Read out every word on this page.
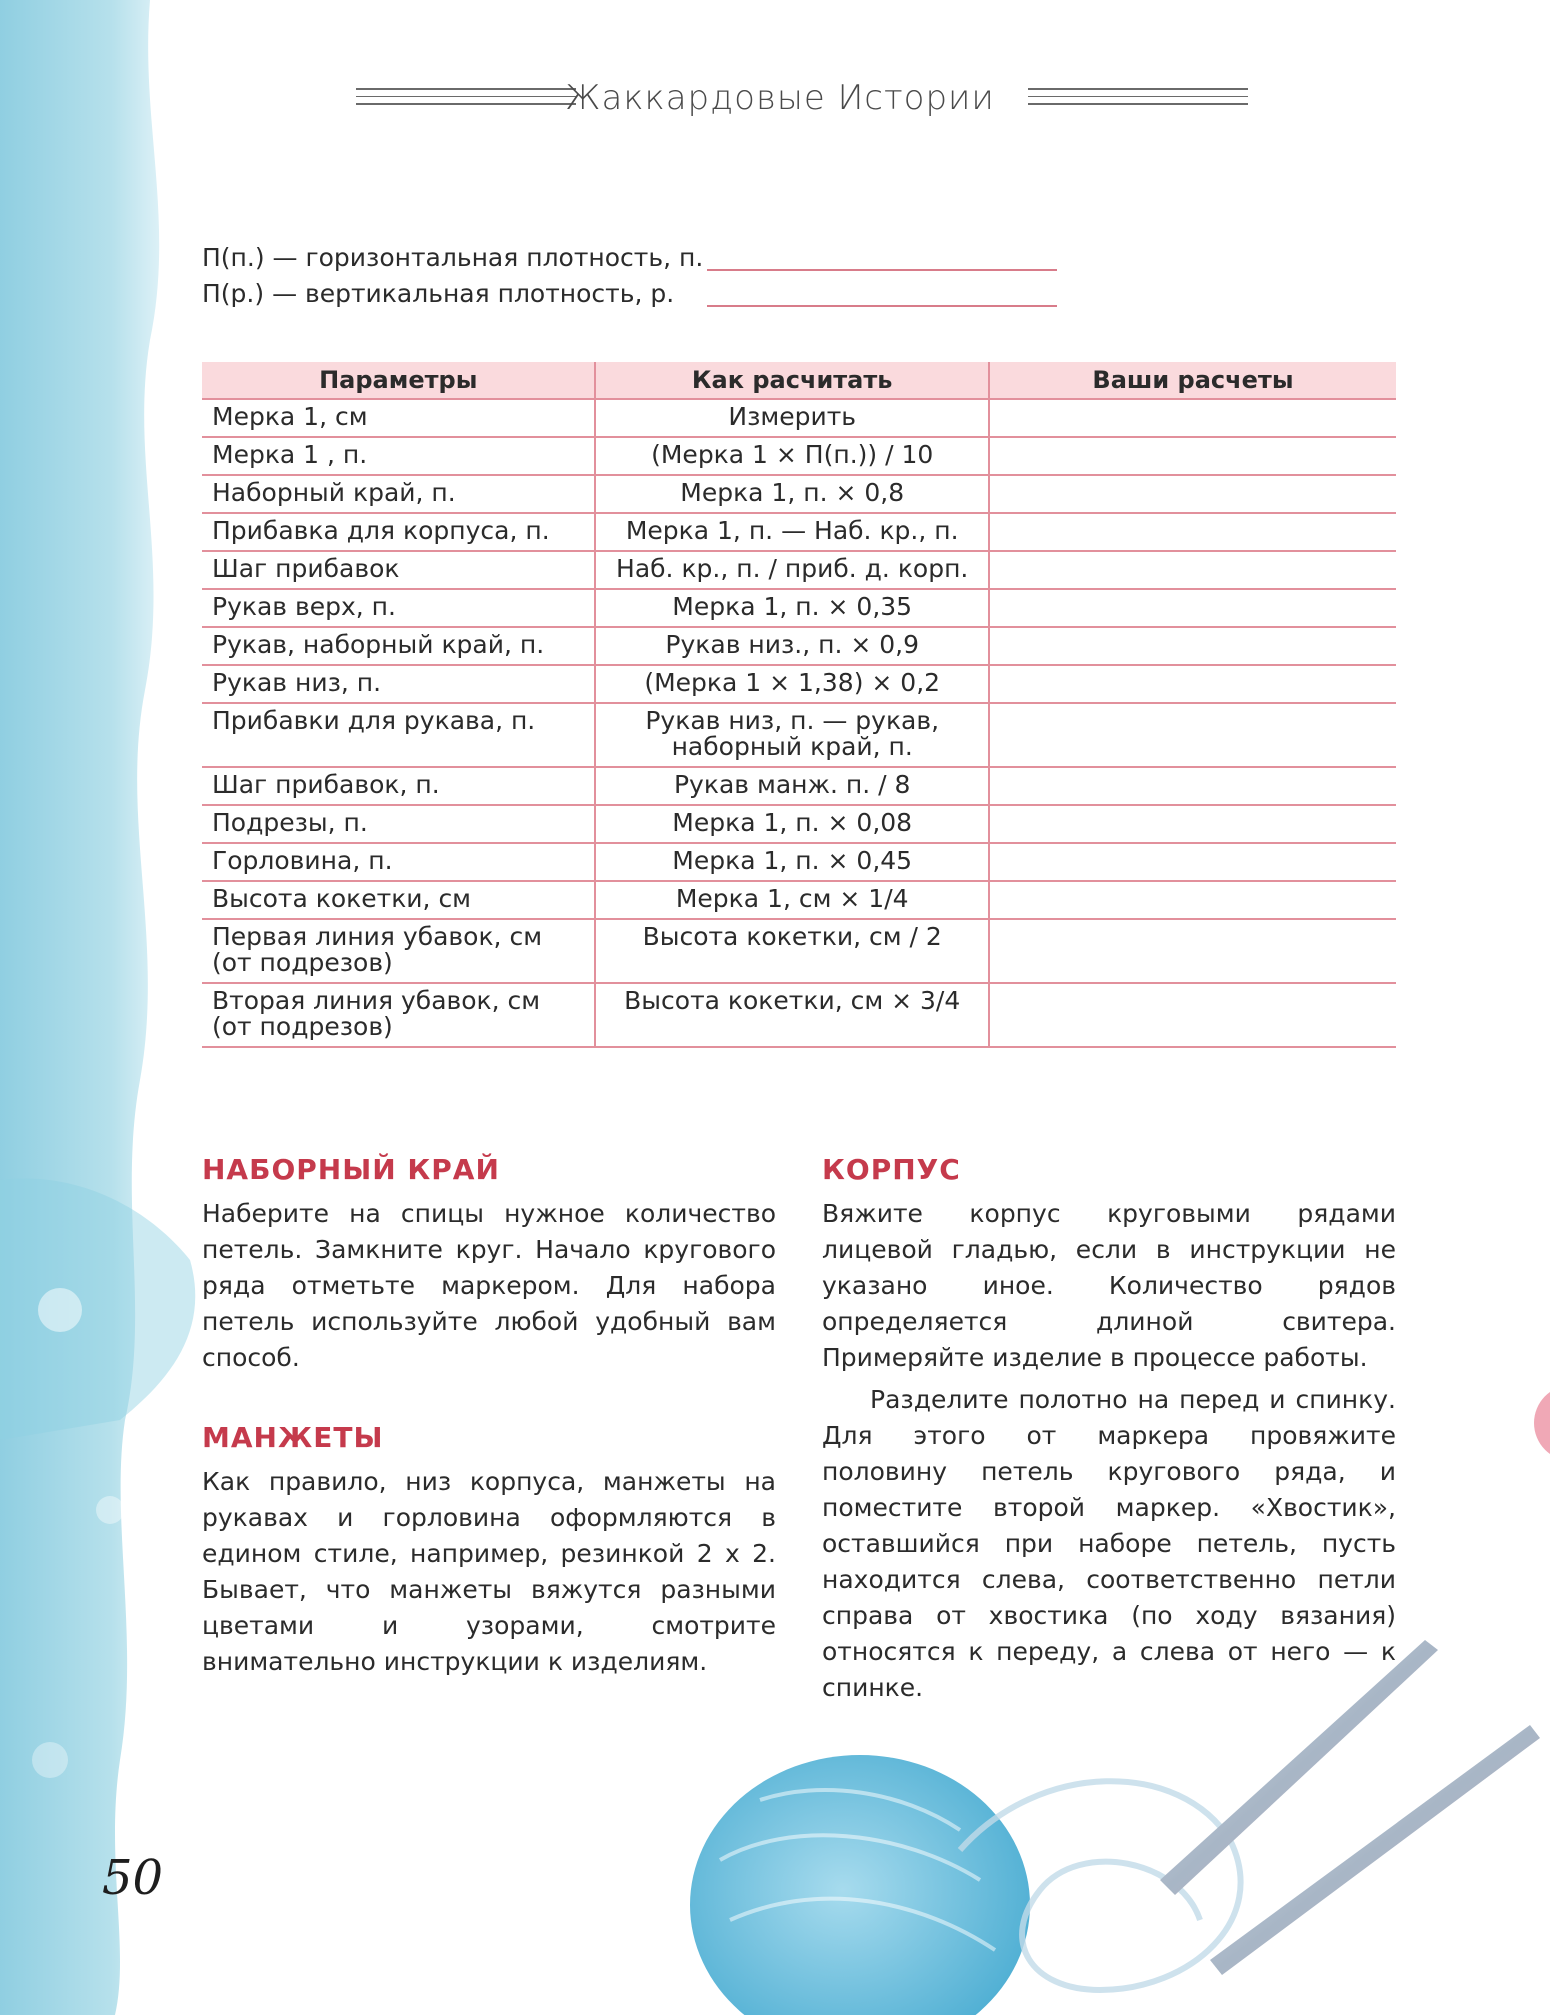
Жаккардовые Истории
П(п.) — горизонтальная плотность, п.
П(р.) — вертикальная плотность, р.
Параметры	Как расчитать	Ваши расчеты
Мерка 1, см	Измерить	
Мерка 1 , п.	(Мерка 1 × П(п.)) / 10	
Наборный край, п.	Мерка 1, п. × 0,8	
Прибавка для корпуса, п.	Мерка 1, п. — Наб. кр., п.	
Шаг прибавок	Наб. кр., п. / приб. д. корп.	
Рукав верх, п.	Мерка 1, п. × 0,35	
Рукав, наборный край, п.	Рукав низ., п. × 0,9	
Рукав низ, п.	(Мерка 1 × 1,38) × 0,2	
Прибавки для рукава, п.	Рукав низ, п. — рукав, наборный край, п.	
Шаг прибавок, п.	Рукав манж. п. / 8	
Подрезы, п.	Мерка 1, п. × 0,08	
Горловина, п.	Мерка 1, п. × 0,45	
Высота кокетки, см	Мерка 1, см × 1/4	
Первая линия убавок, см (от подрезов)	Высота кокетки, см / 2	
Вторая линия убавок, см (от подрезов)	Высота кокетки, см × 3/4	
НАБОРНЫЙ КРАЙ

Наберите на спицы нужное количество петель. Замкните круг. Начало кругового ряда отметьте маркером. Для набора петель используйте любой удобный вам способ.

МАНЖЕТЫ

Как правило, низ корпуса, манжеты на рукавах и горловина оформляются в едином стиле, например, резинкой 2 х 2. Бывает, что манжеты вяжутся разными цветами и узорами, смотрите внимательно инструкции к изделиям.

КОРПУС

Вяжите корпус круговыми рядами лицевой гладью, если в инструкции не указано иное. Количество рядов определяется длиной свитера. Примеряйте изделие в процессе работы.

Разделите полотно на перед и спинку. Для этого от маркера провяжите половину петель кругового ряда, и поместите второй маркер. «Хвостик», оставшийся при наборе петель, пусть находится слева, соответственно петли справа от хвостика (по ходу вязания) относятся к переду, а слева от него — к спинке.

50
